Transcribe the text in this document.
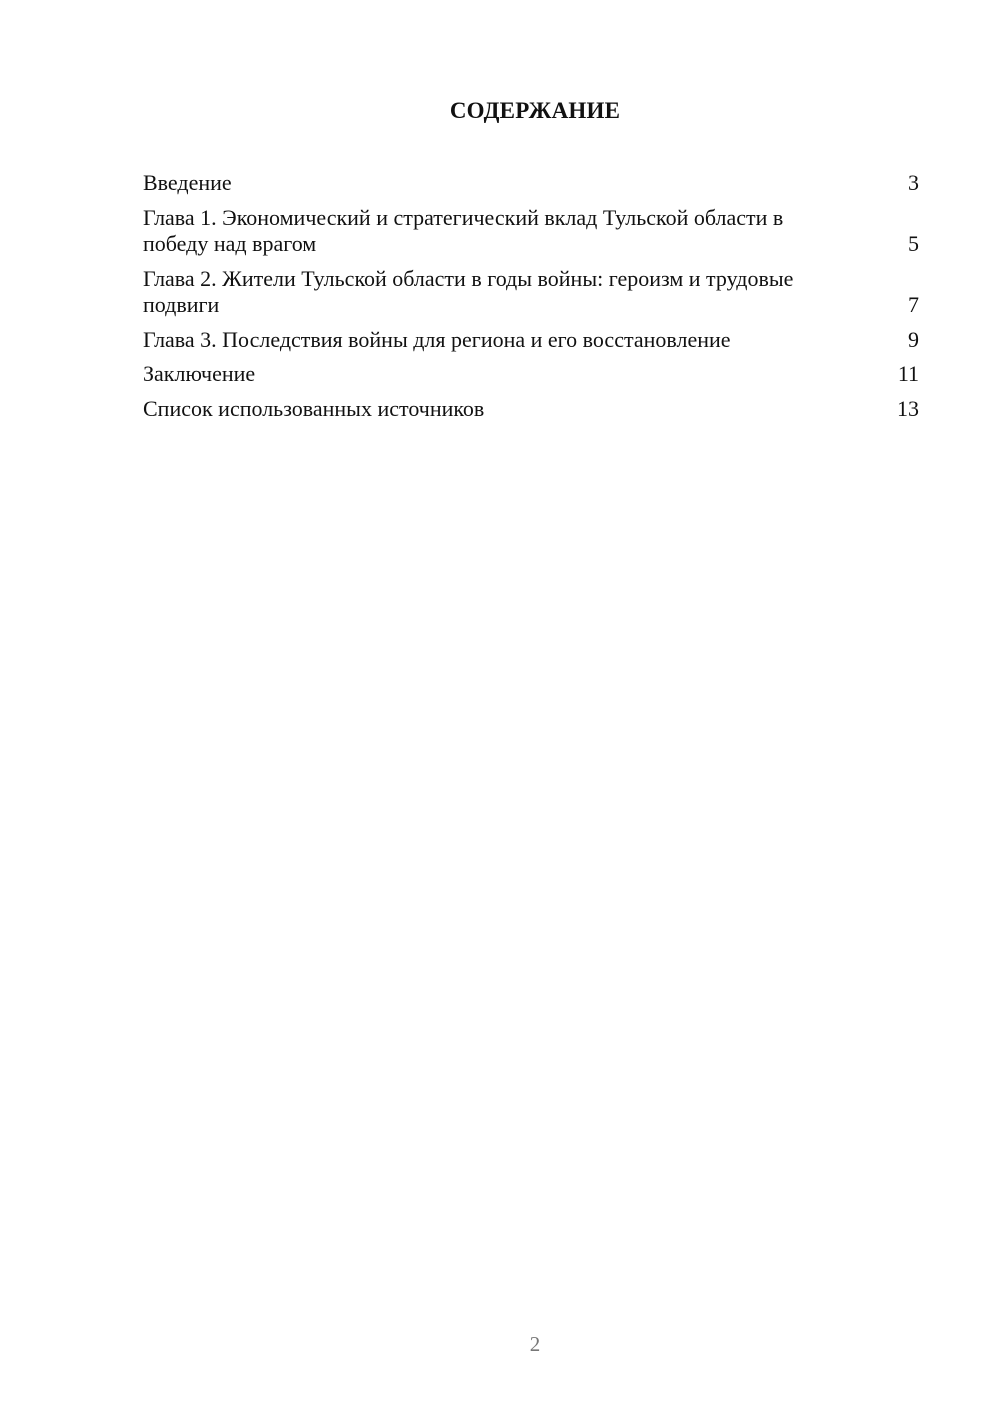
СОДЕРЖАНИЕ
Введение	3
Глава 1. Экономический и стратегический вклад Тульской области в победу над врагом	5
Глава 2. Жители Тульской области в годы войны: героизм и трудовые подвиги	7
Глава 3. Последствия войны для региона и его восстановление	9
Заключение	11
Список использованных источников	13
2
